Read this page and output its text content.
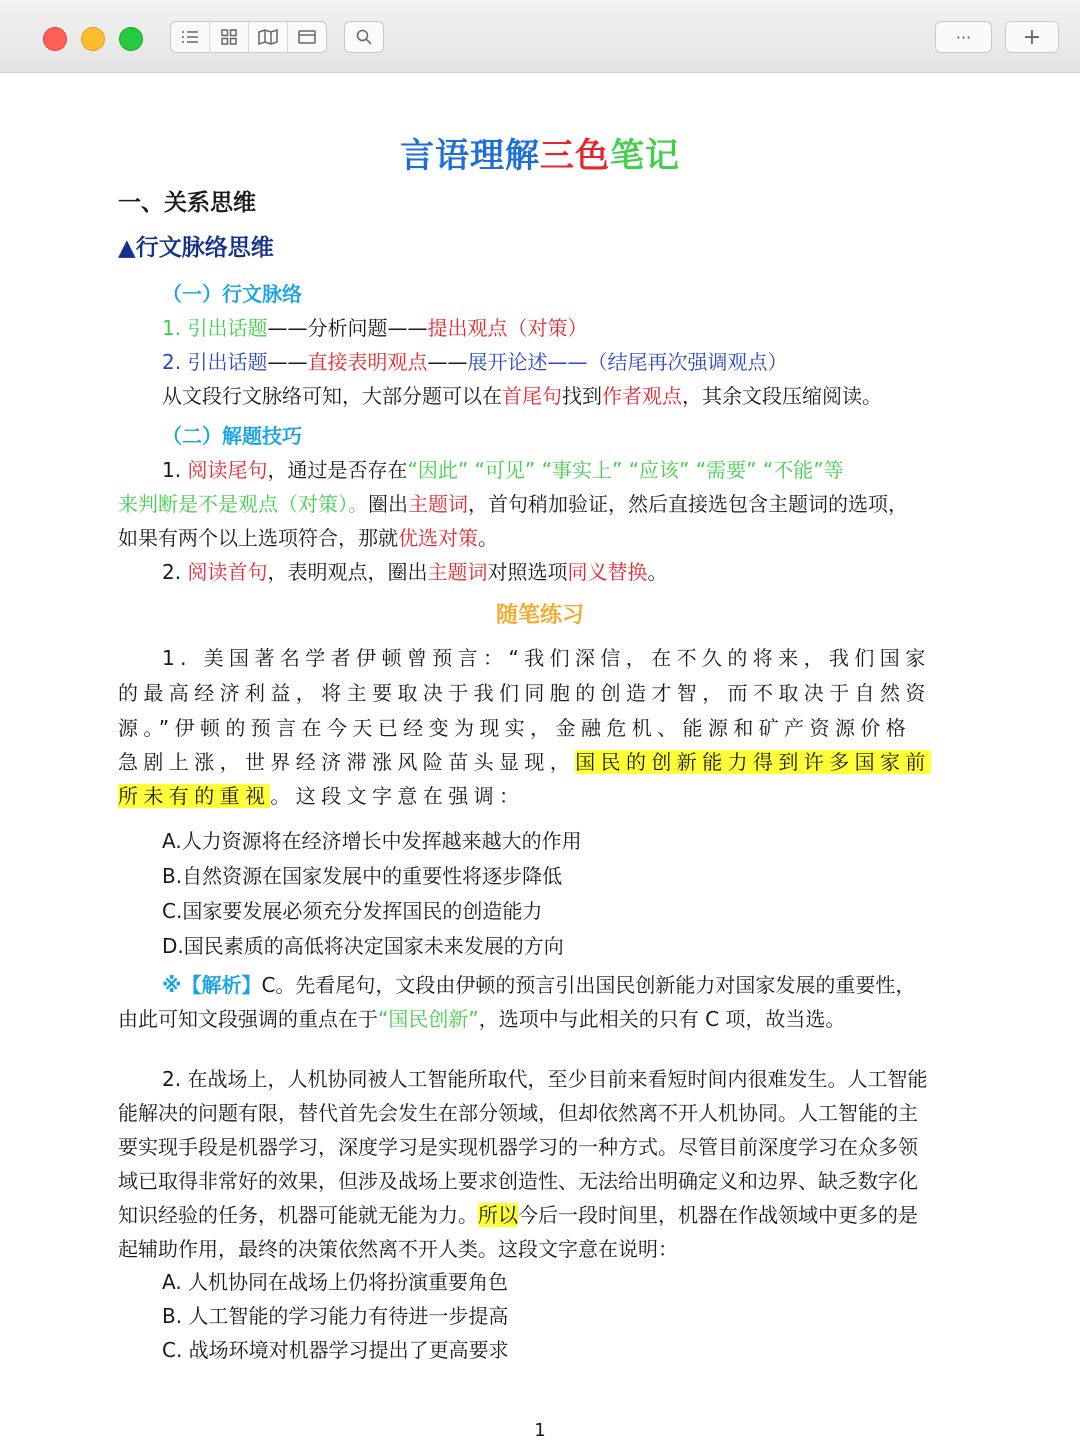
···	+
言语理解三色笔记
一、关系思维
▲行文脉络思维
（一）行文脉络
1. 引出话题——分析问题——提出观点（对策）
2. 引出话题——直接表明观点——展开论述——（结尾再次强调观点）
从文段行文脉络可知，大部分题可以在首尾句找到作者观点，其余文段压缩阅读。
（二）解题技巧
1. 阅读尾句，通过是否存在“因此” “可见” “事实上” “应该” “需要” “不能”等
来判断是不是观点（对策）。圈出主题词，首句稍加验证，然后直接选包含主题词的选项，
如果有两个以上选项符合，那就优选对策。
2. 阅读首句，表明观点，圈出主题词对照选项同义替换。
随笔练习
1. 美国著名学者伊顿曾预言：“我们深信，在不久的将来，我们国家
的最高经济利益，将主要取决于我们同胞的创造才智，而不取决于自然资
源。”伊顿的预言在今天已经变为现实，金融危机、能源和矿产资源价格
急剧上涨，世界经济滞涨风险苗头显现，国民的创新能力得到许多国家前
所未有的重视。这段文字意在强调：
A.人力资源将在经济增长中发挥越来越大的作用
B.自然资源在国家发展中的重要性将逐步降低
C.国家要发展必须充分发挥国民的创造能力
D.国民素质的高低将决定国家未来发展的方向
※【解析】C。先看尾句，文段由伊顿的预言引出国民创新能力对国家发展的重要性，
由此可知文段强调的重点在于“国民创新”，选项中与此相关的只有 C 项，故当选。
2. 在战场上，人机协同被人工智能所取代，至少目前来看短时间内很难发生。人工智能
能解决的问题有限，替代首先会发生在部分领域，但却依然离不开人机协同。人工智能的主
要实现手段是机器学习，深度学习是实现机器学习的一种方式。尽管目前深度学习在众多领
域已取得非常好的效果，但涉及战场上要求创造性、无法给出明确定义和边界、缺乏数字化
知识经验的任务，机器可能就无能为力。所以今后一段时间里，机器在作战领域中更多的是
起辅助作用，最终的决策依然离不开人类。这段文字意在说明：
A. 人机协同在战场上仍将扮演重要角色
B. 人工智能的学习能力有待进一步提高
C. 战场环境对机器学习提出了更高要求
1
